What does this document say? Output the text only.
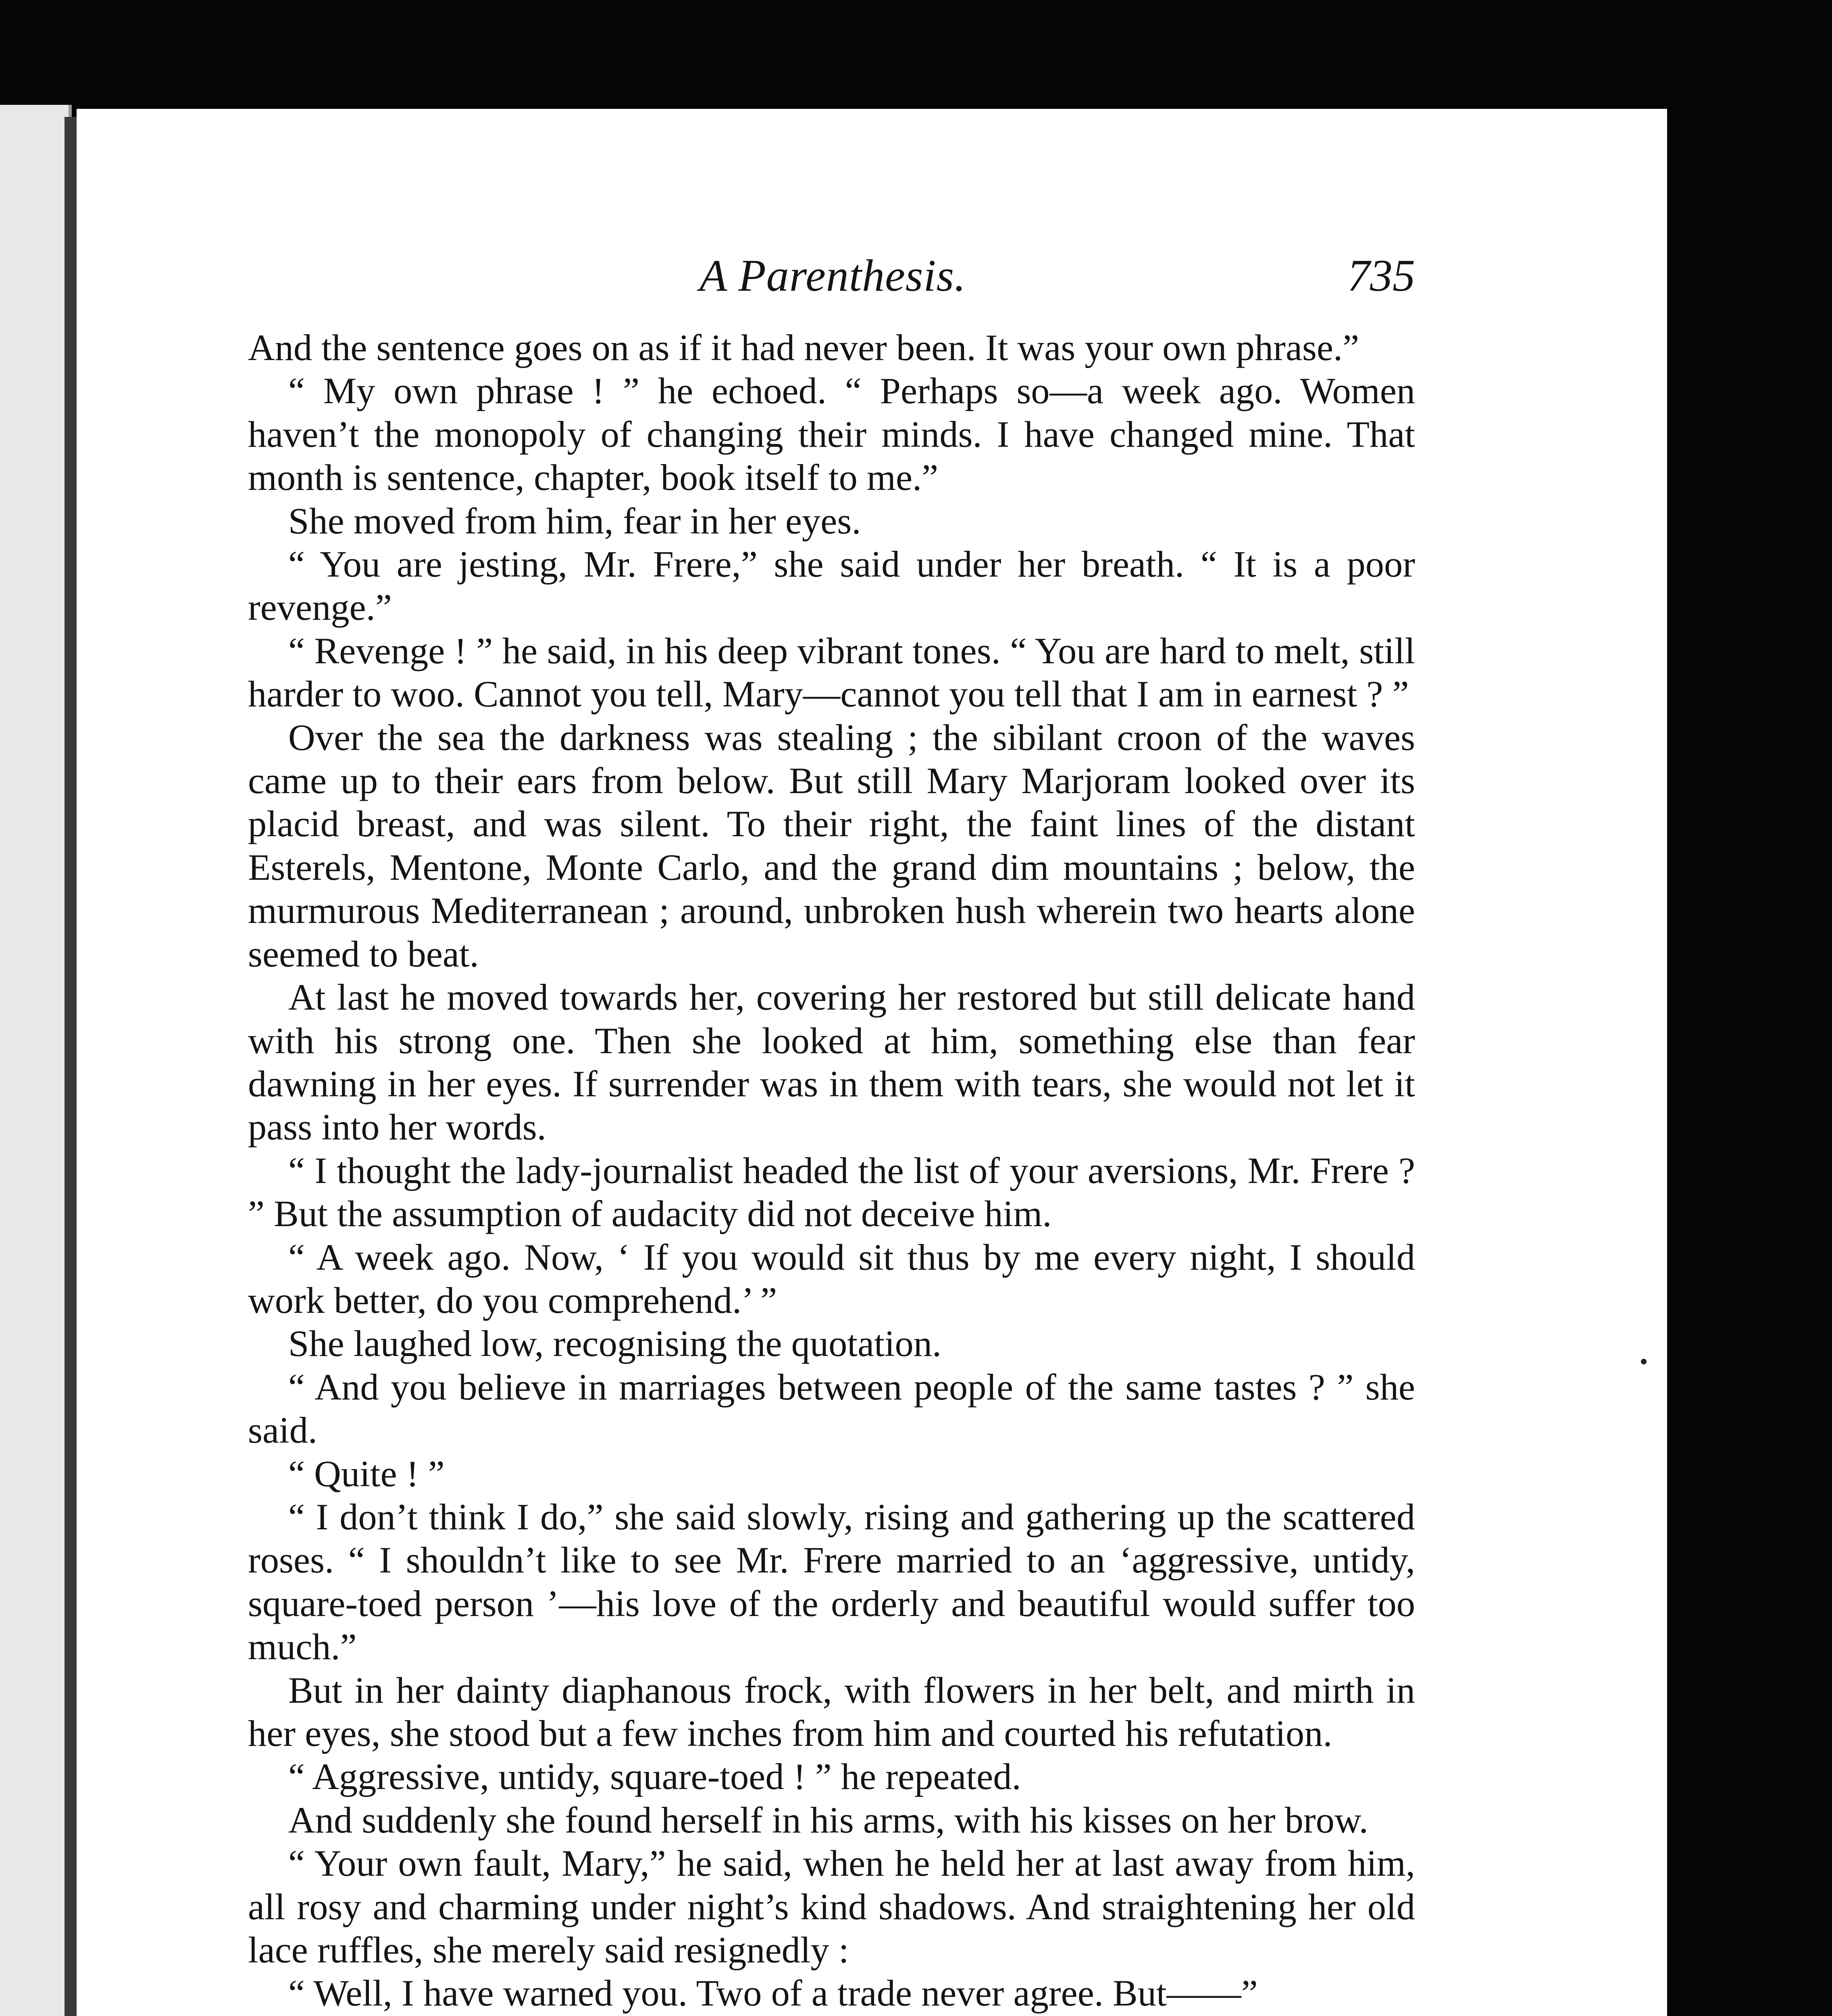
A Parenthesis.	735

And the sentence goes on as if it had never been. It was your own phrase.”

“ My own phrase ! ” he echoed. “ Perhaps so—a week ago. Women haven’t the monopoly of changing their minds. I have changed mine. That month is sentence, chapter, book itself to me.”

She moved from him, fear in her eyes.

“ You are jesting, Mr. Frere,” she said under her breath. “ It is a poor revenge.”

“ Revenge ! ” he said, in his deep vibrant tones. “ You are hard to melt, still harder to woo. Cannot you tell, Mary—cannot you tell that I am in earnest ? ”

Over the sea the darkness was stealing ; the sibilant croon of the waves came up to their ears from below. But still Mary Marjoram looked over its placid breast, and was silent. To their right, the faint lines of the distant Esterels, Mentone, Monte Carlo, and the grand dim mountains ; below, the murmurous Mediterranean ; around, unbroken hush wherein two hearts alone seemed to beat.

At last he moved towards her, covering her restored but still delicate hand with his strong one. Then she looked at him, something else than fear dawning in her eyes. If surrender was in them with tears, she would not let it pass into her words.

“ I thought the lady-journalist headed the list of your aversions, Mr. Frere ? ” But the assumption of audacity did not deceive him.

“ A week ago. Now, ‘ If you would sit thus by me every night, I should work better, do you comprehend.’ ”

She laughed low, recognising the quotation.

“ And you believe in marriages between people of the same tastes ? ” she said.

“ Quite ! ”

“ I don’t think I do,” she said slowly, rising and gathering up the scattered roses. “ I shouldn’t like to see Mr. Frere married to an ‘aggressive, untidy, square-toed person ’—his love of the orderly and beautiful would suffer too much.”

But in her dainty diaphanous frock, with flowers in her belt, and mirth in her eyes, she stood but a few inches from him and courted his refutation.

“ Aggressive, untidy, square-toed ! ” he repeated.

And suddenly she found herself in his arms, with his kisses on her brow.

“ Your own fault, Mary,” he said, when he held her at last away from him, all rosy and charming under night’s kind shadows. And straightening her old lace ruffles, she merely said resignedly :

“ Well, I have warned you. Two of a trade never agree. But——”
